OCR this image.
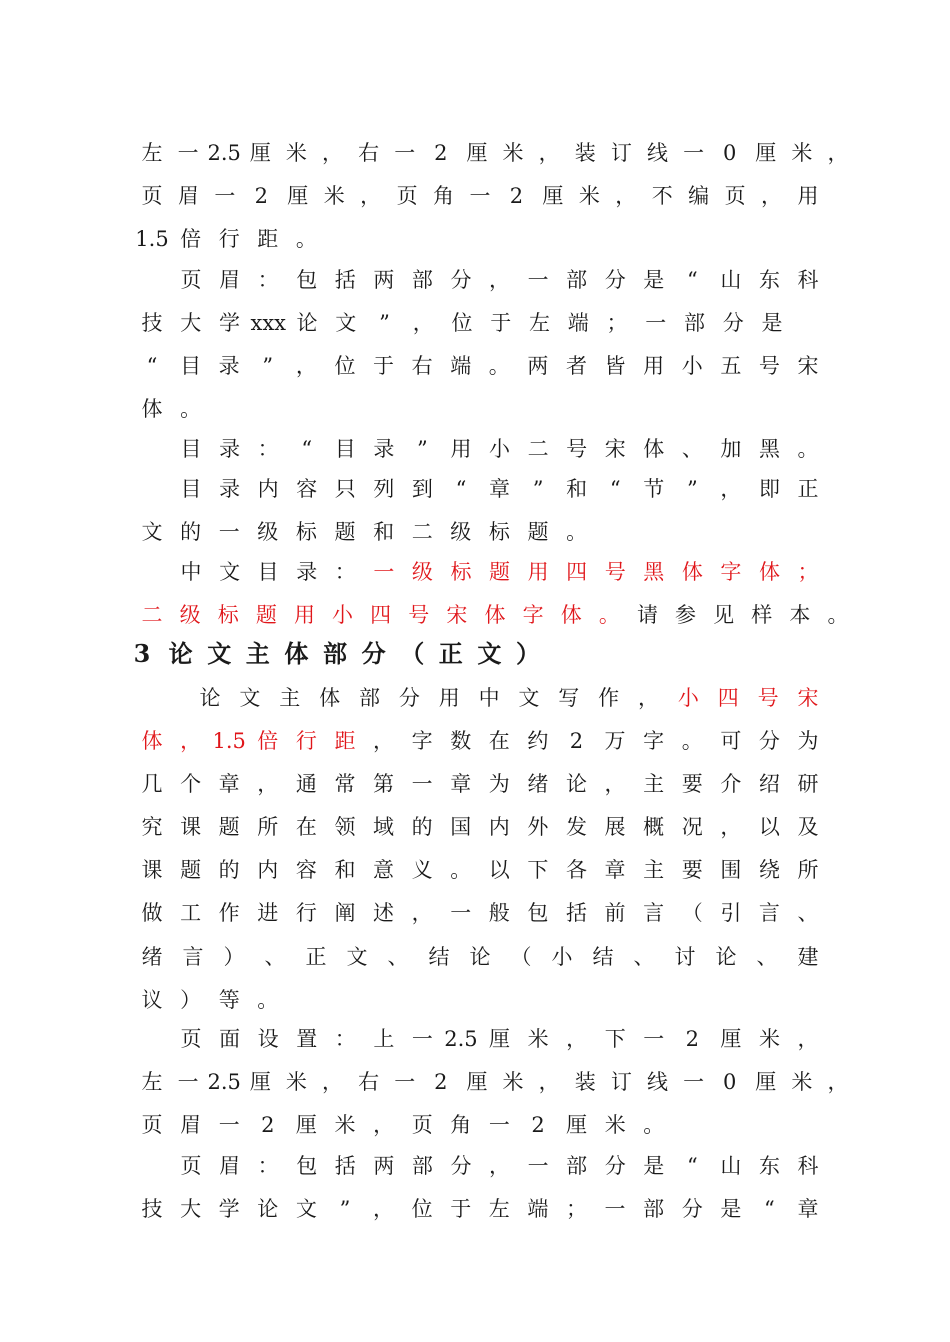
左 一 2.5 厘 米 ， 右 一 2 厘 米 ， 装 订 线 一 0 厘 米 ，
页 眉 一 2 厘 米 ， 页 角 一 2 厘 米 ， 不 编 页 ， 用
1.5 倍 行 距 。
页 眉 ： 包 括 两 部 分 ， 一 部 分 是 “ 山 东 科
技 大 学 xxx 论 文 ” ， 位 于 左 端 ； 一 部 分 是
“ 目 录 ” ， 位 于 右 端 。 两 者 皆 用 小 五 号 宋
体 。
目 录 ： “ 目 录 ” 用 小 二 号 宋 体 、 加 黑 。
目 录 内 容 只 列 到 “ 章 ” 和 “ 节 ” ， 即 正
文 的 一 级 标 题 和 二 级 标 题 。
中 文 目 录 ： 一 级 标 题 用 四 号 黑 体 字 体 ；
二 级 标 题 用 小 四 号 宋 体 字 体 。 请 参 见 样 本 。
3 论 文 主 体 部 分 （ 正 文 ）
论 文 主 体 部 分 用 中 文 写 作 ， 小 四 号 宋
体 ， 1.5 倍 行 距 ， 字 数 在 约 2 万 字 。 可 分 为
几 个 章 ， 通 常 第 一 章 为 绪 论 ， 主 要 介 绍 研
究 课 题 所 在 领 域 的 国 内 外 发 展 概 况 ， 以 及
课 题 的 内 容 和 意 义 。 以 下 各 章 主 要 围 绕 所
做 工 作 进 行 阐 述 ， 一 般 包 括 前 言 （ 引 言 、
绪 言 ） 、 正 文 、 结 论 （ 小 结 、 讨 论 、 建
议 ） 等 。
页 面 设 置 ： 上 一 2.5 厘 米 ， 下 一 2 厘 米 ，
左 一 2.5 厘 米 ， 右 一 2 厘 米 ， 装 订 线 一 0 厘 米 ，
页 眉 一 2 厘 米 ， 页 角 一 2 厘 米 。
页 眉 ： 包 括 两 部 分 ， 一 部 分 是 “ 山 东 科
技 大 学 论 文 ” ， 位 于 左 端 ； 一 部 分 是 “ 章
